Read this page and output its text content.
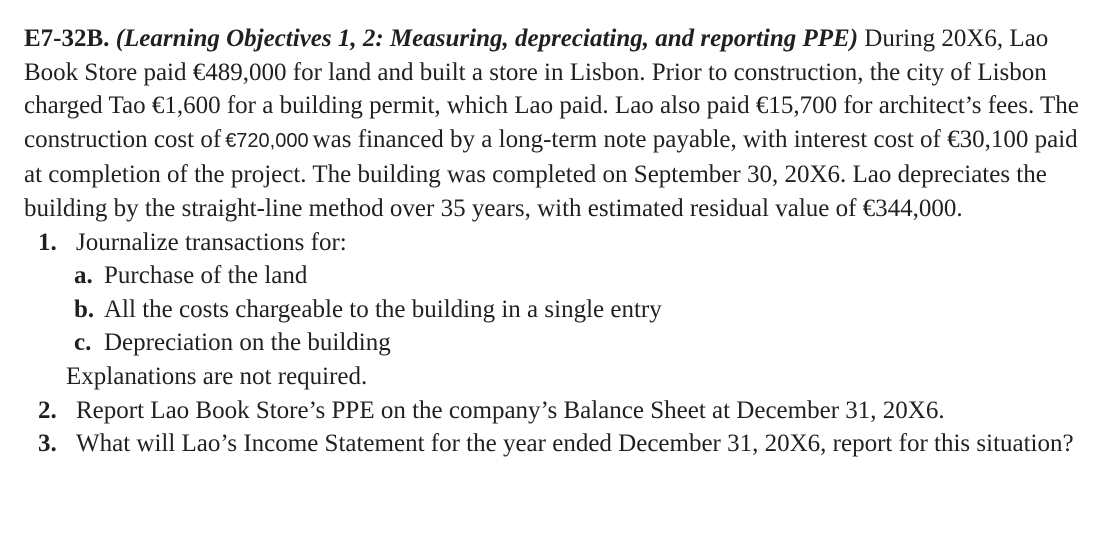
E7-32B. (Learning Objectives 1, 2: Measuring, depreciating, and reporting PPE) During 20X6, Lao Book Store paid €489,000 for land and built a store in Lisbon. Prior to construction, the city of Lisbon charged Tao €1,600 for a building permit, which Lao paid. Lao also paid €15,700 for architect’s fees. The construction cost of €720,000 was financed by a long-term note payable, with interest cost of €30,100 paid at completion of the project. The building was completed on September 30, 20X6. Lao depreciates the building by the straight-line method over 35 years, with estimated residual value of €344,000.

1. Journalize transactions for:
a. Purchase of the land
b. All the costs chargeable to the building in a single entry
c. Depreciation on the building

Explanations are not required.

2. Report Lao Book Store’s PPE on the company’s Balance Sheet at December 31, 20X6.
3. What will Lao’s Income Statement for the year ended December 31, 20X6, report for this situation?
